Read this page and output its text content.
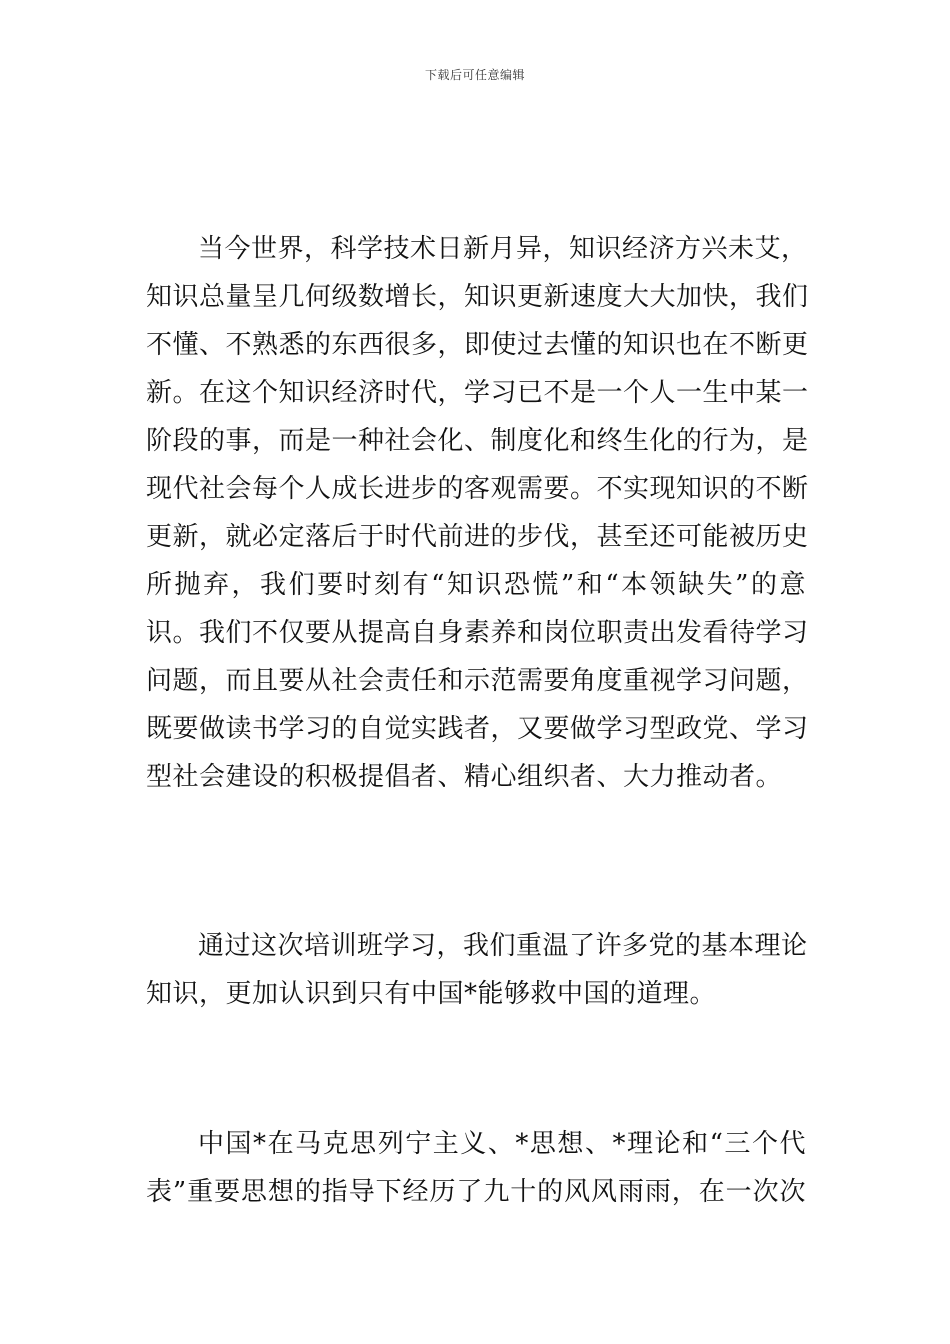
下载后可任意编辑
当今世界，科学技术日新月异，知识经济方兴未艾，
知识总量呈几何级数增长，知识更新速度大大加快，我们
不懂、不熟悉的东西很多，即使过去懂的知识也在不断更
新。在这个知识经济时代，学习已不是一个人一生中某一
阶段的事，而是一种社会化、制度化和终生化的行为，是
现代社会每个人成长进步的客观需要。不实现知识的不断
更新，就必定落后于时代前进的步伐，甚至还可能被历史
所抛弃，我们要时刻有“知识恐慌”和“本领缺失”的意
识。我们不仅要从提高自身素养和岗位职责出发看待学习
问题，而且要从社会责任和示范需要角度重视学习问题，
既要做读书学习的自觉实践者，又要做学习型政党、学习
型社会建设的积极提倡者、精心组织者、大力推动者。
通过这次培训班学习，我们重温了许多党的基本理论
知识，更加认识到只有中国*能够救中国的道理。
中国*在马克思列宁主义、*思想、*理论和“三个代
表”重要思想的指导下经历了九十的风风雨雨，在一次次
